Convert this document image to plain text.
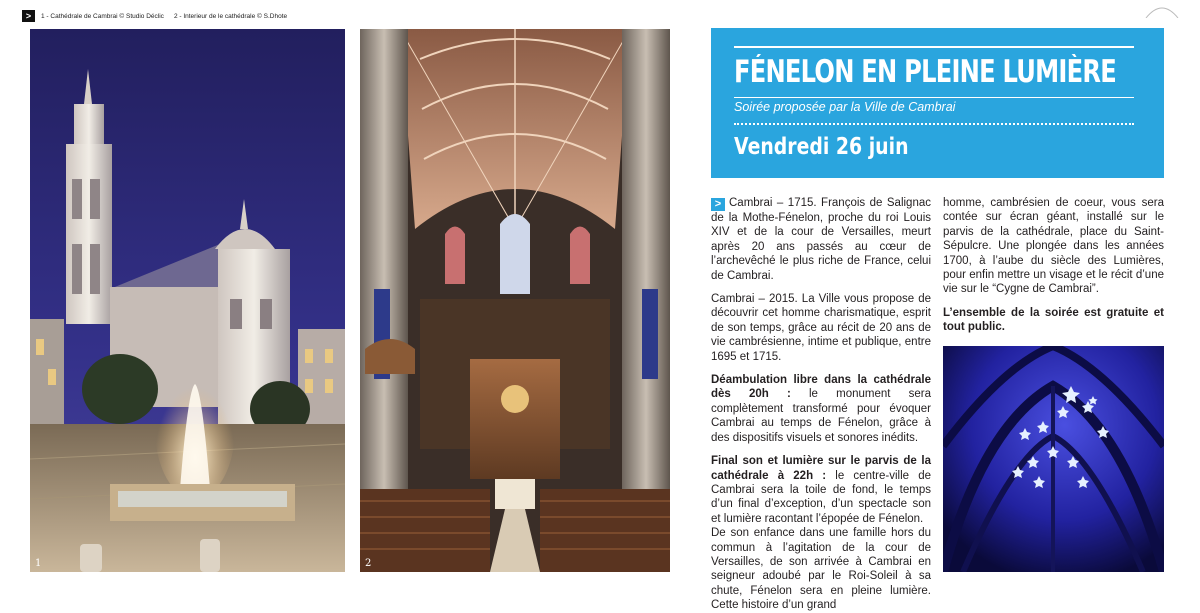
>	1 - Cathédrale de Cambrai © Studio Déclic 2 - Interieur de le cathédrale © S.Dhote
1	2
FÉNELON EN PLEINE LUMIÈRE
Soirée proposée par la Ville de Cambrai
Vendredi 26 juin

> Cambrai – 1715. François de Salignac de la Mothe-Fénelon, proche du roi Louis XIV et de la cour de Versailles, meurt après 20 ans passés au cœur de l’archevêché le plus riche de France, celui de Cambrai.

Cambrai – 2015. La Ville vous propose de découvrir cet homme charismatique, esprit de son temps, grâce au récit de 20 ans de vie cambrésienne, intime et publique, entre 1695 et 1715.

Déambulation libre dans la cathédrale dès 20h : le monument sera complètement transformé pour évoquer Cambrai au temps de Fénelon, grâce à des dispositifs visuels et sonores inédits.

Final son et lumière sur le parvis de la cathédrale à 22h : le centre-ville de Cambrai sera la toile de fond, le temps d’un final d’exception, d’un spectacle son et lumière racontant l’épopée de Fénelon.

De son enfance dans une famille hors du commun à l’agitation de la cour de Versailles, de son arrivée à Cambrai en seigneur adoubé par le Roi-Soleil à sa chute, Fénelon sera en pleine lumière. Cette histoire d’un grand

homme, cambrésien de coeur, vous sera contée sur écran géant, installé sur le parvis de la cathédrale, place du Saint-Sépulcre. Une plongée dans les années 1700, à l’aube du siècle des Lumières, pour enfin mettre un visage et le récit d’une vie sur le “Cygne de Cambrai”.

L’ensemble de la soirée est gratuite et tout public.
